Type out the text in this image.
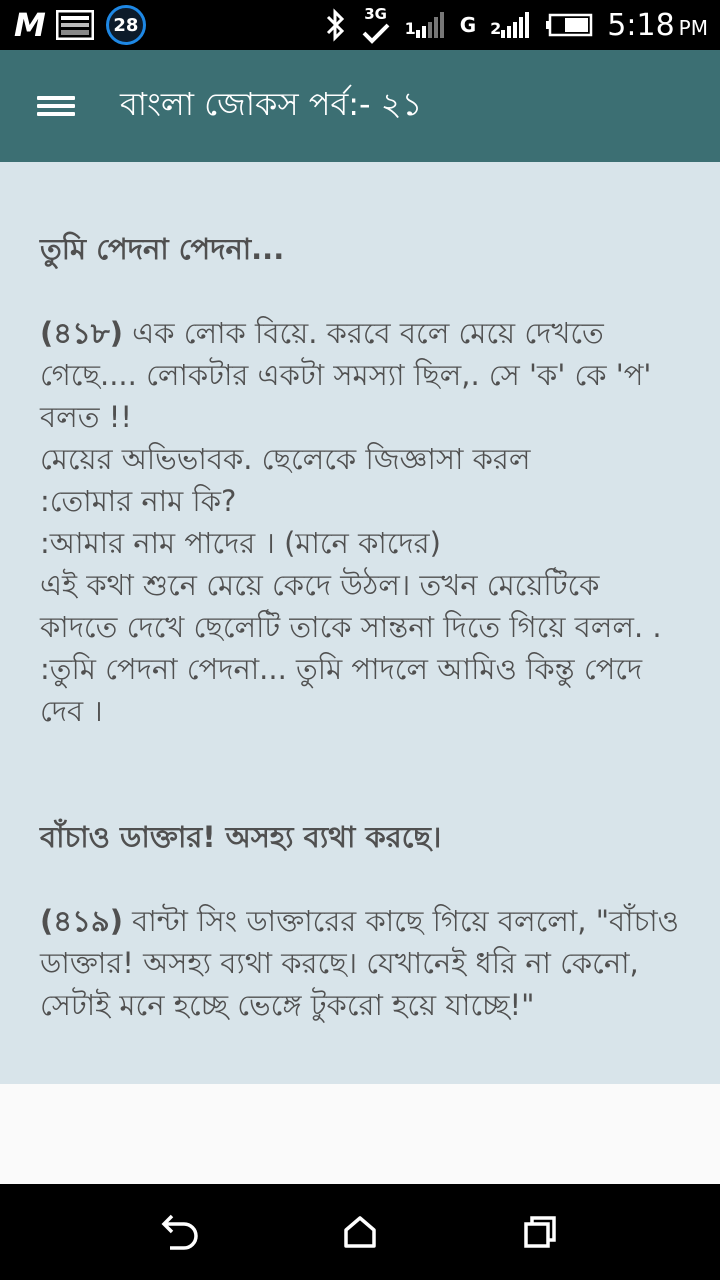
M	28
3G
1 G 2	5:18 PM
বাংলা জোকস পর্ব:- ২১
তুমি পেদনা পেদনা...
(৪১৮) এক লোক বিয়ে. করবে বলে মেয়ে দেখতে গেছে.... লোকটার একটা সমস্যা ছিল,. সে 'ক' কে 'প' বলত !!
মেয়ের অভিভাবক. ছেলেকে জিজ্ঞাসা করল
:তোমার নাম কি?
:আমার নাম পাদের । (মানে কাদের)
এই কথা শুনে মেয়ে কেদে উঠল। তখন মেয়েটিকে কাদতে দেখে ছেলেটি তাকে সান্তনা দিতে গিয়ে বলল. . :তুমি পেদনা পেদনা... তুমি পাদলে আমিও কিন্তু পেদে দেব ।
বাঁচাও ডাক্তার! অসহ্য ব্যথা করছে।
(৪১৯) বান্টা সিং ডাক্তারের কাছে গিয়ে বললো, "বাঁচাও ডাক্তার! অসহ্য ব্যথা করছে। যেখানেই ধরি না কেনো, সেটাই মনে হচ্ছে ভেঙ্গে টুকরো হয়ে যাচ্ছে!"
